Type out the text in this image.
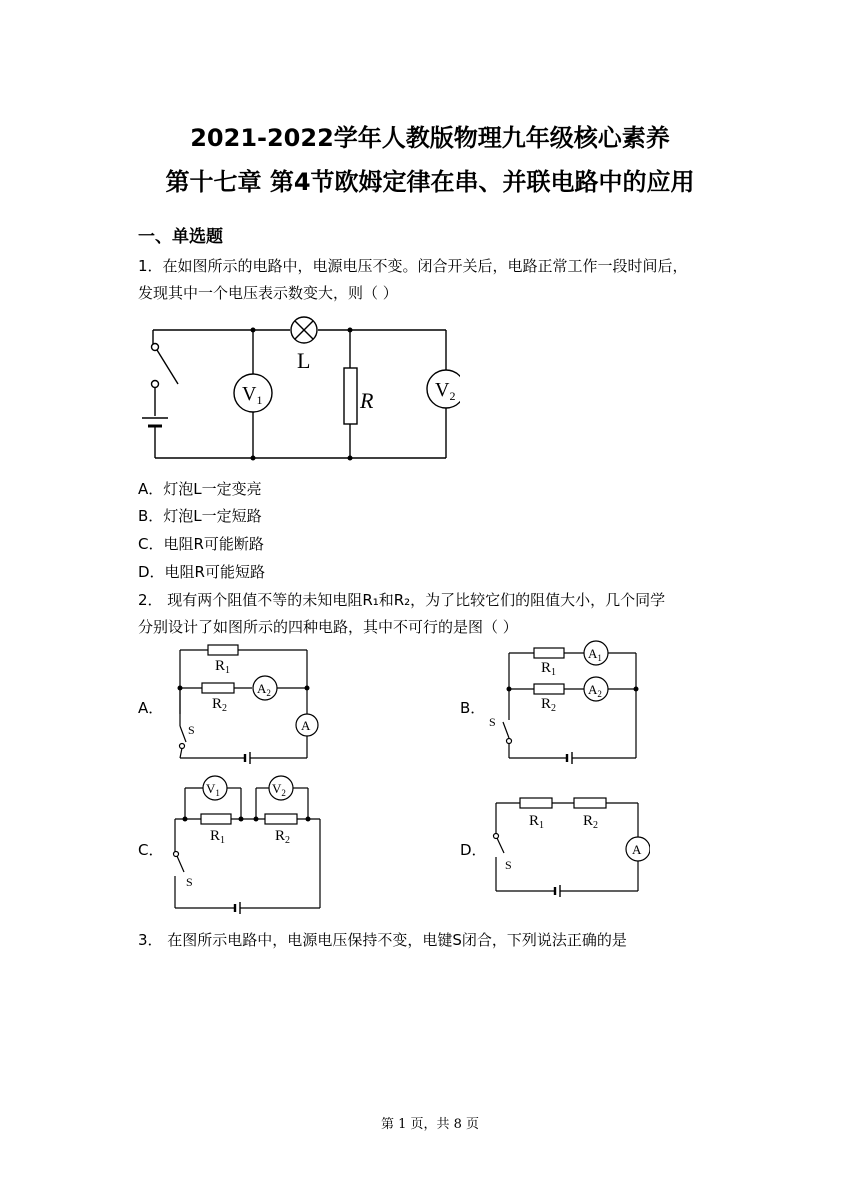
2021-2022学年人教版物理九年级核心素养
第十七章 第4节欧姆定律在串、并联电路中的应用
一、单选题
1．在如图所示的电路中，电源电压不变。闭合开关后，电路正常工作一段时间后，
发现其中一个电压表示数变大，则（ ）
L
R
$V_1$	$V_2$
A．灯泡L一定变亮
B．灯泡L一定短路
C．电阻R可能断路
D．电阻R可能短路
2． 现有两个阻值不等的未知电阻R₁和R₂，为了比较它们的阻值大小，几个同学
分别设计了如图所示的四种电路，其中不可行的是图（ ）
A．
$R_1$
$R_2$
$A_2$
A
S
B．
$R_1$
$R_2$
$A_1$
$A_2$
S
C．
$V_1$	$V_2$
$R_1$	$R_2$
S
D．
$R_1$	$R_2$
A
S
3． 在图所示电路中，电源电压保持不变，电键S闭合，下列说法正确的是
第 1 页，共 8 页
